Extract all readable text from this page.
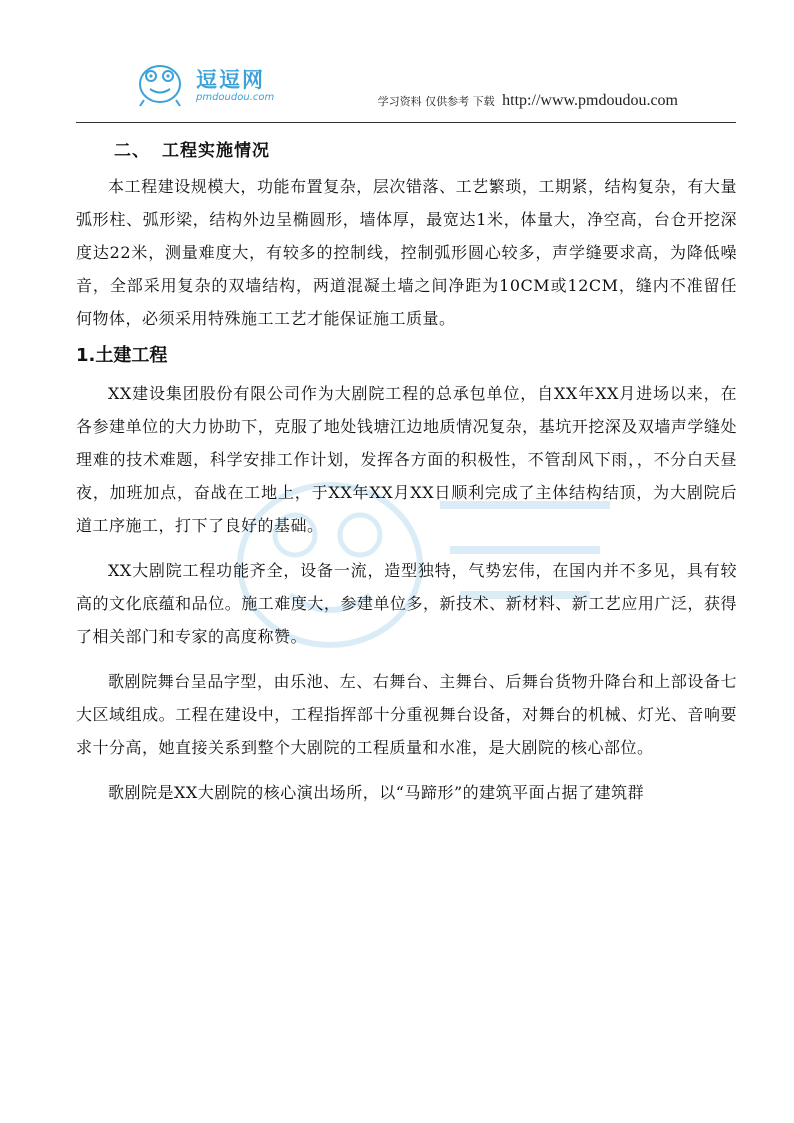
逗逗网
pmdoudou.com	学习资料 仅供参考 下载 http://www.pmdoudou.com
二、 工程实施情况

本工程建设规模大，功能布置复杂，层次错落、工艺繁琐，工期紧，结构复杂，有大量弧形柱、弧形梁，结构外边呈椭圆形，墙体厚，最宽达1米，体量大，净空高，台仓开挖深度达22米，测量难度大，有较多的控制线，控制弧形圆心较多，声学缝要求高，为降低噪音，全部采用复杂的双墙结构，两道混凝土墙之间净距为10CM或12CM，缝内不准留任何物体，必须采用特殊施工工艺才能保证施工质量。

1.土建工程

XX建设集团股份有限公司作为大剧院工程的总承包单位，自XX年XX月进场以来，在各参建单位的大力协助下，克服了地处钱塘江边地质情况复杂，基坑开挖深及双墙声学缝处理难的技术难题，科学安排工作计划，发挥各方面的积极性，不管刮风下雨，，不分白天昼夜，加班加点，奋战在工地上，于XX年XX月XX日顺利完成了主体结构结顶，为大剧院后道工序施工，打下了良好的基础。

XX大剧院工程功能齐全，设备一流，造型独特，气势宏伟，在国内并不多见，具有较高的文化底蕴和品位。施工难度大，参建单位多，新技术、新材料、新工艺应用广泛，获得了相关部门和专家的高度称赞。

歌剧院舞台呈品字型，由乐池、左、右舞台、主舞台、后舞台货物升降台和上部设备七大区域组成。工程在建设中，工程指挥部十分重视舞台设备，对舞台的机械、灯光、音响要求十分高，她直接关系到整个大剧院的工程质量和水准，是大剧院的核心部位。

歌剧院是XX大剧院的核心演出场所，以“马蹄形”的建筑平面占据了建筑群
